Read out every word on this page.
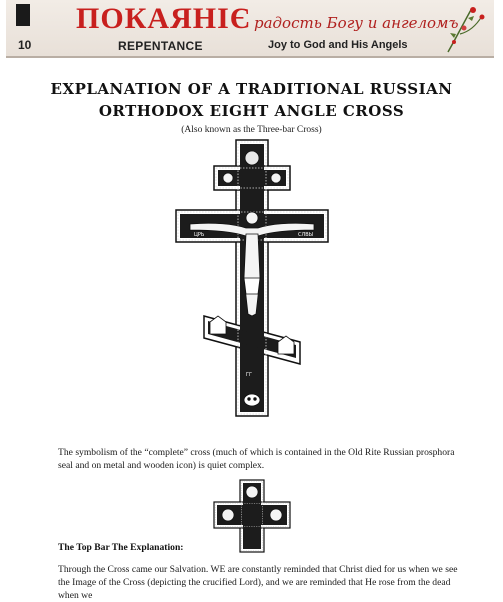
10
ПОКАЯНІЄ
REPENTANCE
радость Богу и ангеломъ
Joy to God and His Angels
EXPLANATION OF A TRADITIONAL RUSSIAN
ORTHODOX EIGHT ANGLE CROSS
(Also known as the Three-bar Cross)
ЦРЬ	СЛВЫ
ГГ
The symbolism of the “complete” cross (much of which is contained in the Old Rite Russian prosphora seal and on metal and wooden icon) is quiet complex.
The Top Bar The Explanation:
Through the Cross came our Salvation. WE are constantly reminded that Christ died for us when we see the Image of the Cross (depicting the crucified Lord), and we are reminded that He rose from the dead when we
